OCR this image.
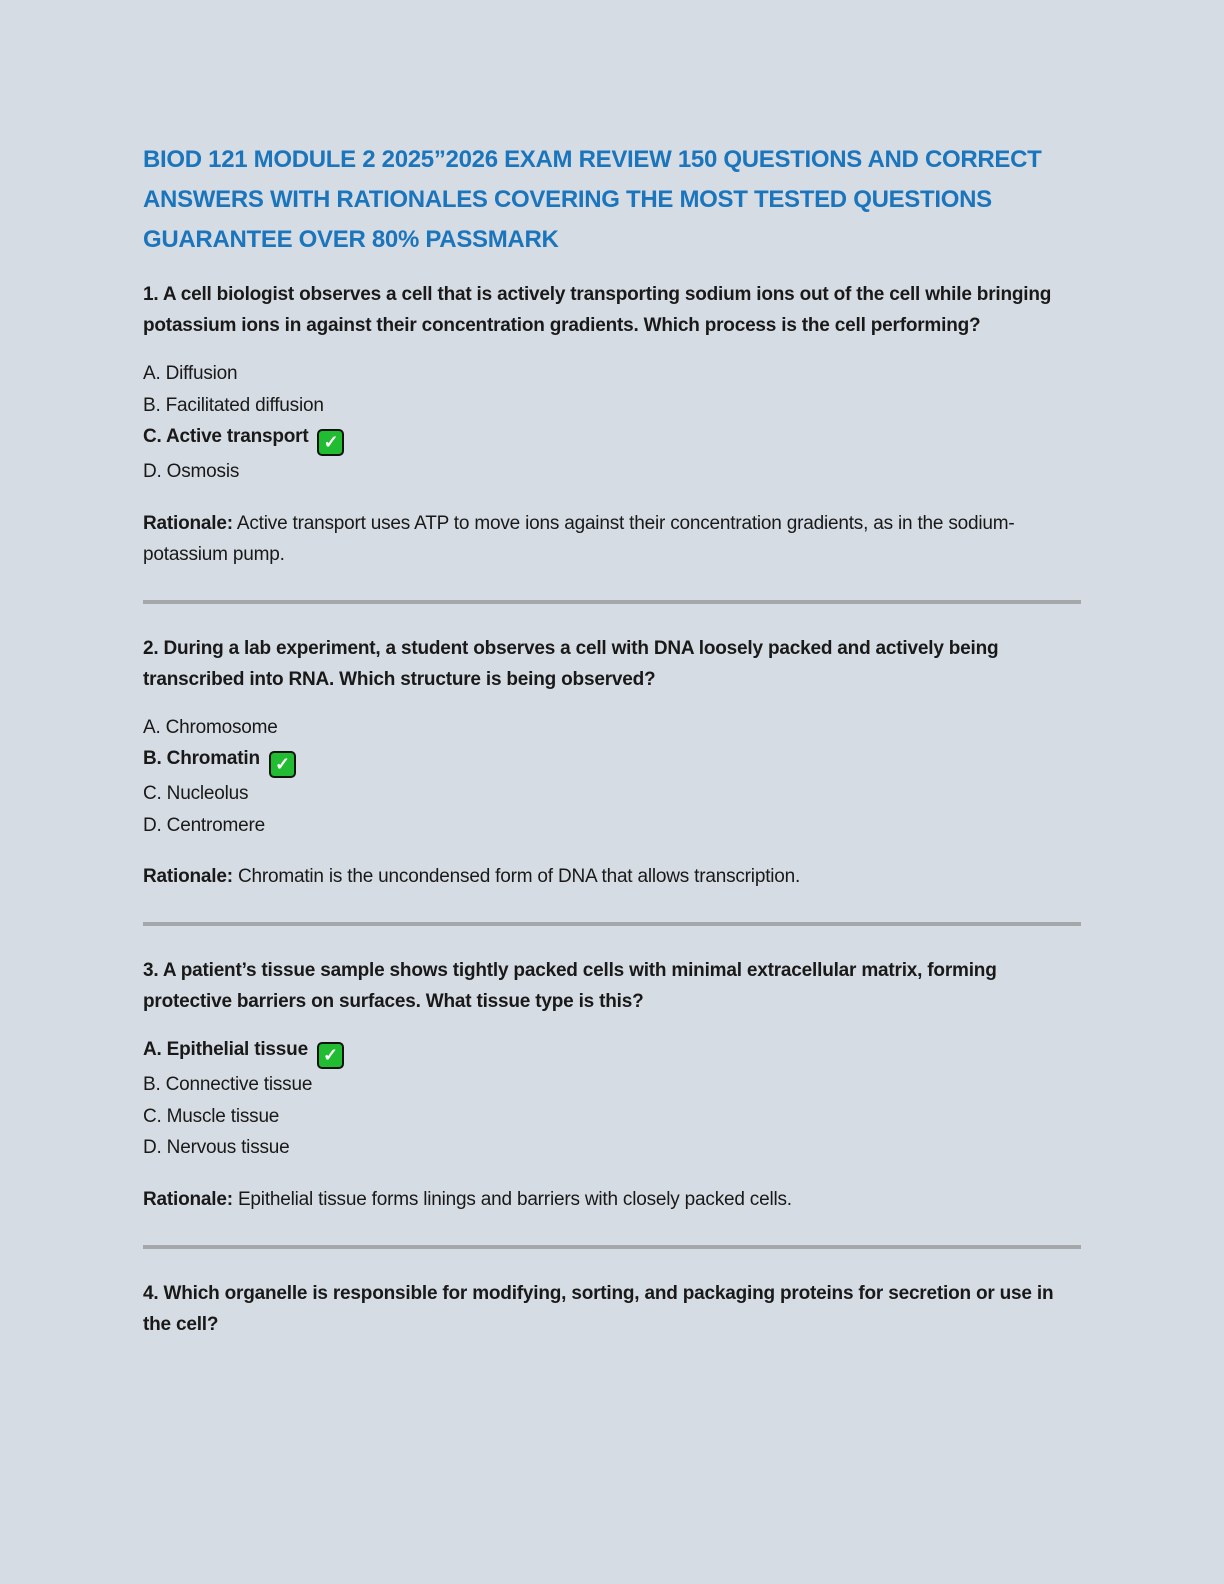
BIOD 121 MODULE 2 2025”2026 EXAM REVIEW 150 QUESTIONS AND CORRECT ANSWERS WITH RATIONALES COVERING THE MOST TESTED QUESTIONS GUARANTEE OVER 80% PASSMARK

1. A cell biologist observes a cell that is actively transporting sodium ions out of the cell while bringing potassium ions in against their concentration gradients. Which process is the cell performing?

A. Diffusion
B. Facilitated diffusion
C. Active transport ✓
D. Osmosis

Rationale: Active transport uses ATP to move ions against their concentration gradients, as in the sodium-potassium pump.

2. During a lab experiment, a student observes a cell with DNA loosely packed and actively being transcribed into RNA. Which structure is being observed?

A. Chromosome
B. Chromatin ✓
C. Nucleolus
D. Centromere

Rationale: Chromatin is the uncondensed form of DNA that allows transcription.

3. A patient’s tissue sample shows tightly packed cells with minimal extracellular matrix, forming protective barriers on surfaces. What tissue type is this?

A. Epithelial tissue ✓
B. Connective tissue
C. Muscle tissue
D. Nervous tissue

Rationale: Epithelial tissue forms linings and barriers with closely packed cells.

4. Which organelle is responsible for modifying, sorting, and packaging proteins for secretion or use in the cell?
